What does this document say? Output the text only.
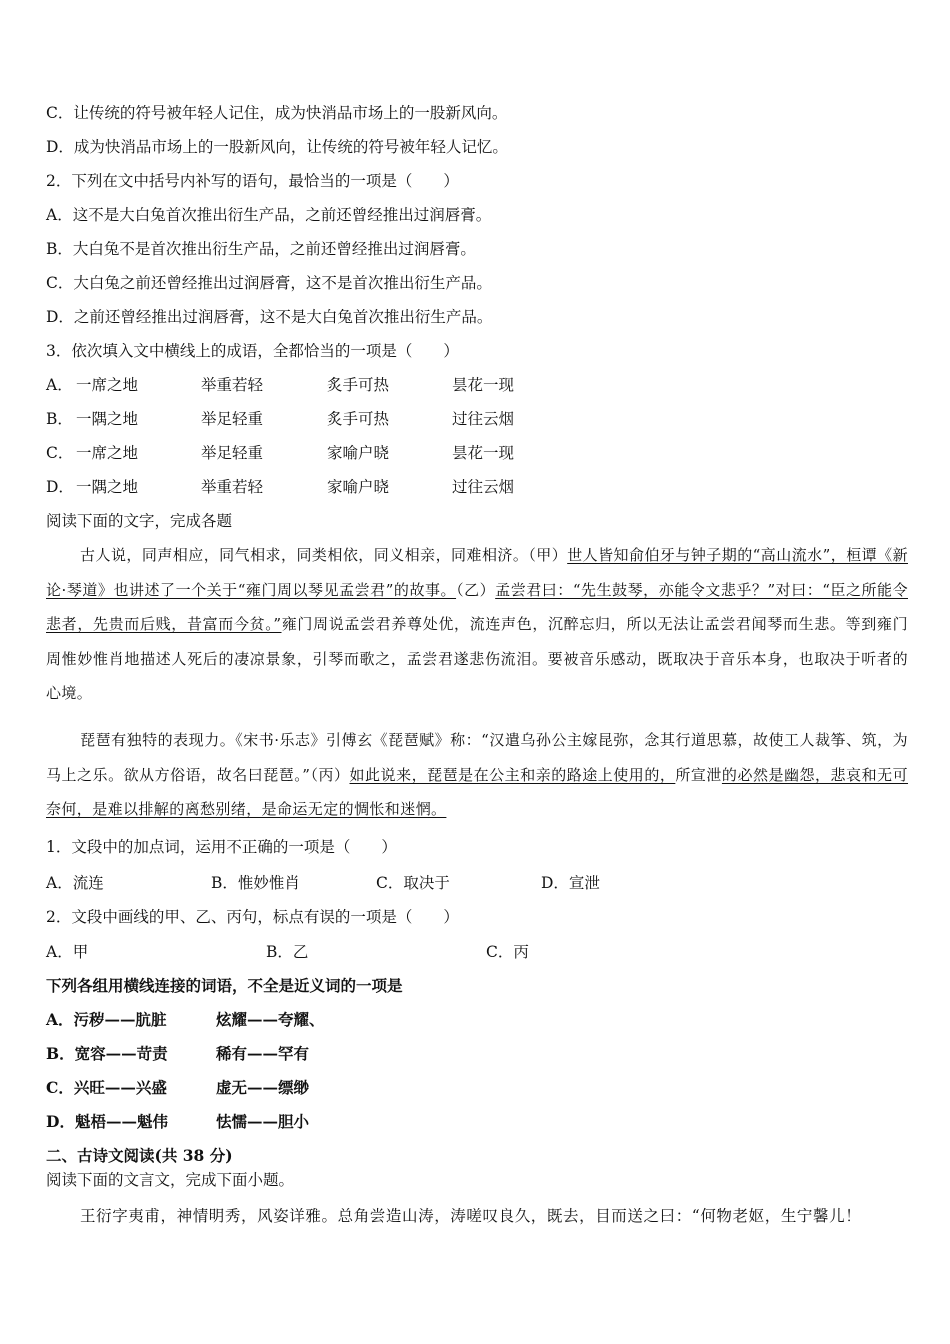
C．让传统的符号被年轻人记住，成为快消品市场上的一股新风向。
D．成为快消品市场上的一股新风向，让传统的符号被年轻人记忆。
2．下列在文中括号内补写的语句，最恰当的一项是（　　）
A．这不是大白兔首次推出衍生产品，之前还曾经推出过润唇膏。
B．大白兔不是首次推出衍生产品，之前还曾经推出过润唇膏。
C．大白兔之前还曾经推出过润唇膏，这不是首次推出衍生产品。
D．之前还曾经推出过润唇膏，这不是大白兔首次推出衍生产品。
3．依次填入文中横线上的成语，全都恰当的一项是（　　）
A． 一席之地	举重若轻	炙手可热	昙花一现
B． 一隅之地	举足轻重	炙手可热	过往云烟
C． 一席之地	举足轻重	家喻户晓	昙花一现
D． 一隅之地	举重若轻	家喻户晓	过往云烟
阅读下面的文字，完成各题
古人说，同声相应，同气相求，同类相依，同义相亲，同难相济。（甲）世人皆知俞伯牙与钟子期的“高山流水”，桓谭《新论·琴道》也讲述了一个关于“雍门周以琴见孟尝君”的故事。（乙）孟尝君曰：“先生鼓琴，亦能令文悲乎？”对曰：“臣之所能令悲者，先贵而后贱，昔富而今贫。”雍门周说孟尝君养尊处优，流连声色，沉醉忘归，所以无法让孟尝君闻琴而生悲。等到雍门周惟妙惟肖地描述人死后的凄凉景象，引琴而歌之，孟尝君遂悲伤流泪。要被音乐感动，既取决于音乐本身，也取决于听者的心境。
琵琶有独特的表现力。《宋书·乐志》引傅玄《琵琶赋》称：“汉遣乌孙公主嫁昆弥，念其行道思慕，故使工人裁筝、筑，为马上之乐。欲从方俗语，故名曰琵琶。”（丙）如此说来，琵琶是在公主和亲的路途上使用的，所宣泄的必然是幽怨，悲哀和无可奈何，是难以排解的离愁别绪，是命运无定的惆怅和迷惘。
1．文段中的加点词，运用不正确的一项是（　　）
A．流连	B．惟妙惟肖	C．取决于	D．宣泄
2．文段中画线的甲、乙、丙句，标点有误的一项是（　　）
A．甲	B．乙	C．丙
下列各组用横线连接的词语，不全是近义词的一项是
A．污秽——肮脏	炫耀——夸耀、
B．宽容——苛责	稀有——罕有
C．兴旺——兴盛	虚无——缥缈
D．魁梧——魁伟	怯懦——胆小
二、古诗文阅读(共 38 分)
阅读下面的文言文，完成下面小题。
王衍字夷甫，神情明秀，风姿详雅。总角尝造山涛，涛嗟叹良久，既去，目而送之曰：“何物老妪，生宁馨儿！
